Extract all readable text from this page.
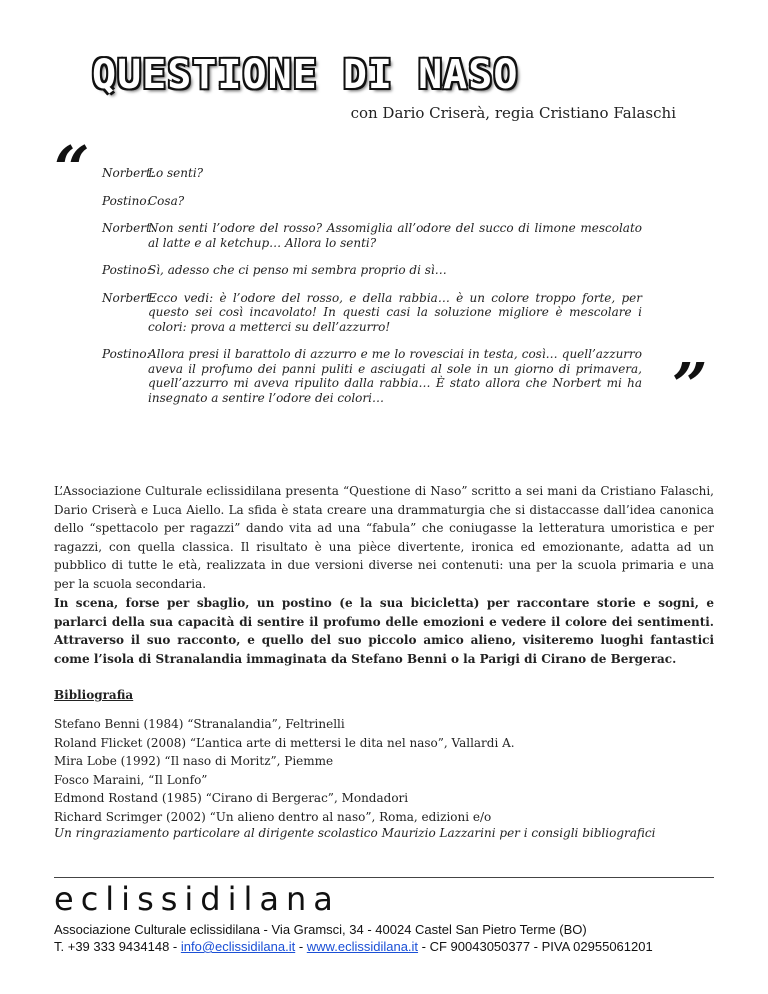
QUESTIONE DI NASO

con Dario Criserà, regia Cristiano Falaschi

“ Norbert:
Lo senti?
Postino:
Cosa?
Norbert:
Non senti l’odore del rosso? Assomiglia all’odore del succo di limone mescolato al latte e al ketchup… Allora lo senti?
Postino:
Sì, adesso che ci penso mi sembra proprio di sì…
Norbert:
Ecco vedi: è l’odore del rosso, e della rabbia… è un colore troppo forte, per questo sei così incavolato! In questi casi la soluzione migliore è mescolare i colori: prova a metterci su dell’azzurro!
Postino:
Allora presi il barattolo di azzurro e me lo rovesciai in testa, così… quell’azzurro aveva il profumo dei panni puliti e asciugati al sole in un giorno di primavera, quell’azzurro mi aveva ripulito dalla rabbia… È stato allora che Norbert mi ha insegnato a sentire l’odore dei colori…	”

L’Associazione Culturale eclissidilana presenta “Questione di Naso” scritto a sei mani da Cristiano Falaschi, Dario Criserà e Luca Aiello. La sfida è stata creare una drammaturgia che si distaccasse dall’idea canonica dello “spettacolo per ragazzi” dando vita ad una “fabula” che coniugasse la letteratura umoristica e per ragazzi, con quella classica. Il risultato è una pièce divertente, ironica ed emozionante, adatta ad un pubblico di tutte le età, realizzata in due versioni diverse nei contenuti: una per la scuola primaria e una per la scuola secondaria.

In scena, forse per sbaglio, un postino (e la sua bicicletta) per raccontare storie e sogni, e parlarci della sua capacità di sentire il profumo delle emozioni e vedere il colore dei sentimenti. Attraverso il suo racconto, e quello del suo piccolo amico alieno, visiteremo luoghi fantastici come l’isola di Stranalandia immaginata da Stefano Benni o la Parigi di Cirano de Bergerac.

Bibliografia

Stefano Benni (1984) “Stranalandia”, Feltrinelli
Roland Flicket (2008) “L’antica arte di mettersi le dita nel naso”, Vallardi A.
Mira Lobe (1992) “Il naso di Moritz”, Piemme
Fosco Maraini, “Il Lonfo”
Edmond Rostand (1985) “Cirano di Bergerac”, Mondadori
Richard Scrimger (2002) “Un alieno dentro al naso”, Roma, edizioni e/o

Un ringraziamento particolare al dirigente scolastico Maurizio Lazzarini per i consigli bibliografici

eclissidilana

Associazione Culturale eclissidilana - Via Gramsci, 34 - 40024 Castel San Pietro Terme (BO)
T. +39 333 9434148 - info@eclissidilana.it - www.eclissidilana.it - CF 90043050377 - PIVA 02955061201
